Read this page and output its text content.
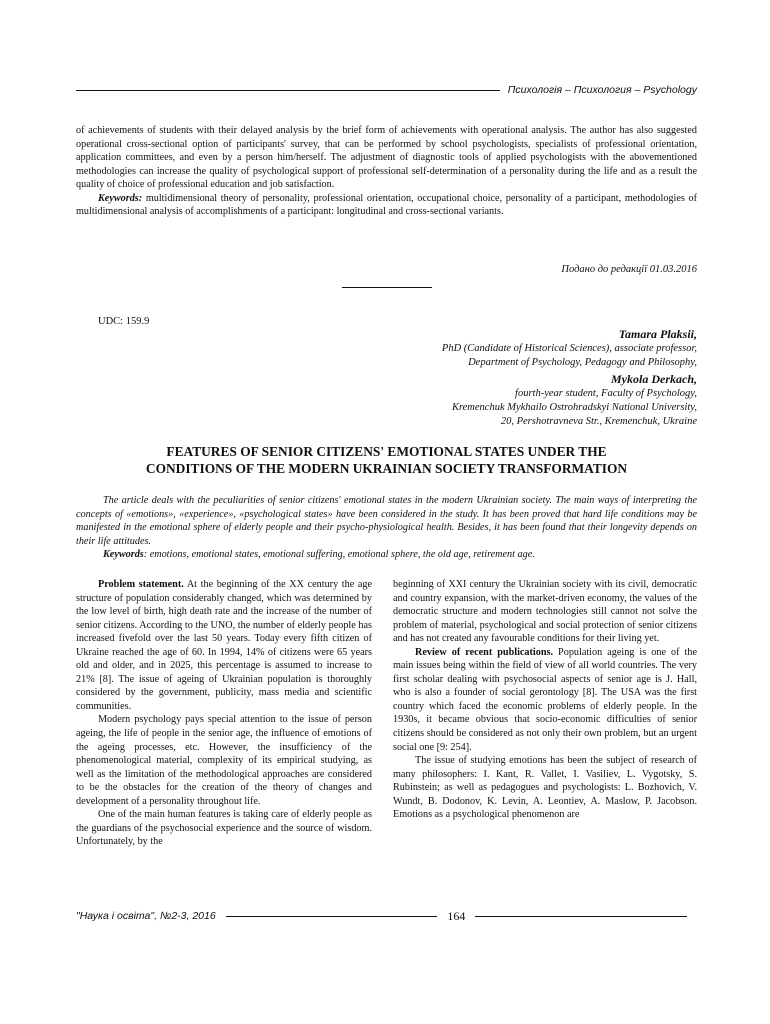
Психологія – Психология – Psychology

of achievements of students with their delayed analysis by the brief form of achievements with operational analysis. The author has also suggested operational cross-sectional option of participants' survey, that can be performed by school psychologists, specialists of professional orientation, application committees, and even by a person him/herself. The adjustment of diagnostic tools of applied psychologists with the abovementioned methodologies can increase the quality of psychological support of professional self-determination of a personality during the life and as a result the quality of choice of professional education and job satisfaction.

Keywords: multidimensional theory of personality, professional orientation, occupational choice, personality of a participant, methodologies of multidimensional analysis of accomplishments of a participant: longitudinal and cross-sectional variants.

Подано до редакції 01.03.2016
UDC: 159.9
Tamara Plaksii,
PhD (Candidate of Historical Sciences), associate professor,
Department of Psychology, Pedagogy and Philosophy,
Mykola Derkach,
fourth-year student, Faculty of Psychology,
Kremenchuk Mykhailo Ostrohradskyi National University,
20, Pershotravneva Str., Kremenchuk, Ukraine
FEATURES OF SENIOR CITIZENS' EMOTIONAL STATES UNDER THE
CONDITIONS OF THE MODERN UKRAINIAN SOCIETY TRANSFORMATION

The article deals with the peculiarities of senior citizens' emotional states in the modern Ukrainian society. The main ways of interpreting the concepts of «emotions», «experience», «psychological states» have been considered in the study. It has been proved that hard life conditions may be manifested in the emotional sphere of elderly people and their psycho-physiological health. Besides, it has been found that their longevity depends on their life attitudes.

Keywords: emotions, emotional states, emotional suffering, emotional sphere, the old age, retirement age.

Problem statement. At the beginning of the XX century the age structure of population considerably changed, which was determined by the low level of birth, high death rate and the increase of the number of senior citizens. According to the UNO, the number of elderly people has increased fivefold over the last 50 years. Today every fifth citizen of Ukraine reached the age of 60. In 1994, 14% of citizens were 65 years old and older, and in 2025, this percentage is assumed to increase to 21% [8]. The issue of ageing of Ukrainian population is thoroughly considered by the government, publicity, mass media and scientific communities.

Modern psychology pays special attention to the issue of person ageing, the life of people in the senior age, the influence of emotions of the ageing processes, etc. However, the insufficiency of the phenomenological material, complexity of its empirical studying, as well as the limitation of the methodological approaches are considered to be the obstacles for the creation of the theory of changes and development of a personality throughout life.

One of the main human features is taking care of elderly people as the guardians of the psychosocial experience and the source of wisdom. Unfortunately, by the

beginning of XXI century the Ukrainian society with its civil, democratic and country expansion, with the market-driven economy, the values of the democratic structure and modern technologies still cannot not solve the problem of material, psychological and social protection of senior citizens and has not created any favourable conditions for their living yet.

Review of recent publications. Population ageing is one of the main issues being within the field of view of all world countries. The very first scholar dealing with psychosocial aspects of senior age is J. Hall, who is also a founder of social gerontology [8]. The USA was the first country which faced the economic problems of elderly people. In the 1930s, it became obvious that socio-economic difficulties of senior citizens should be considered as not only their own problem, but an urgent social one [9: 254].

The issue of studying emotions has been the subject of research of many philosophers: I. Kant, R. Vallet, I. Vasiliev, L. Vygotsky, S. Rubinstein; as well as pedagogues and psychologists: L. Bozhovich, V. Wundt, B. Dodonov, K. Levin, A. Leontiev, A. Maslow, P. Jacobson. Emotions as a psychological phenomenon are

"Наука і освіта", №2-3, 2016	164
